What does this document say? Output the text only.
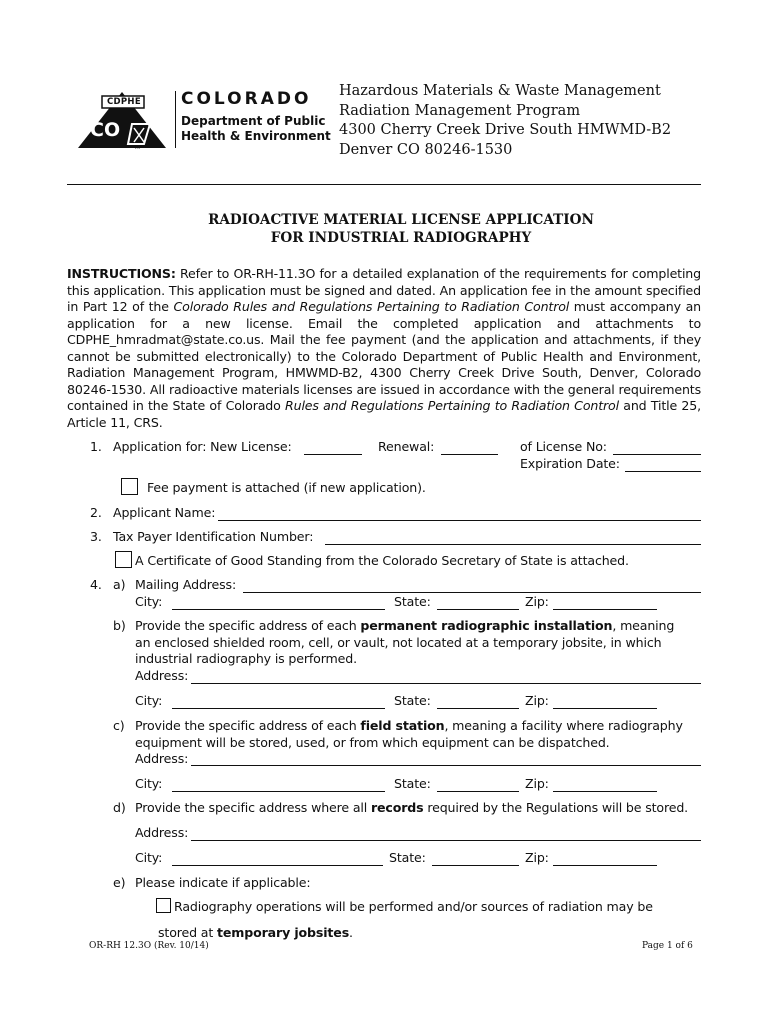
CDPHE
CO
TM
COLORADO
Department of Public
Health & Environment
Hazardous Materials & Waste Management
Radiation Management Program
4300 Cherry Creek Drive South HMWMD-B2
Denver CO 80246-1530
RADIOACTIVE MATERIAL LICENSE APPLICATION
FOR INDUSTRIAL RADIOGRAPHY
INSTRUCTIONS: Refer to OR-RH-11.3O for a detailed explanation of the requirements for completing this application. This application must be signed and dated. An application fee in the amount specified in Part 12 of the Colorado Rules and Regulations Pertaining to Radiation Control must accompany an application for a new license. Email the completed application and attachments to CDPHE_hmradmat@state.co.us. Mail the fee payment (and the application and attachments, if they cannot be submitted electronically) to the Colorado Department of Public Health and Environment, Radiation Management Program, HMWMD-B2, 4300 Cherry Creek Drive South, Denver, Colorado 80246-1530. All radioactive materials licenses are issued in accordance with the general requirements contained in the State of Colorado Rules and Regulations Pertaining to Radiation Control and Title 25, Article 11, CRS.
1. Application for: New License:	Renewal:	of License No:
Expiration Date:
Fee payment is attached (if new application).
2. Applicant Name:
3. Tax Payer Identification Number:
A Certificate of Good Standing from the Colorado Secretary of State is attached.
4. a) Mailing Address:
City:	State:	Zip:
b) Provide the specific address of each permanent radiographic installation, meaning an enclosed shielded room, cell, or vault, not located at a temporary jobsite, in which industrial radiography is performed.
Address:
City:	State:	Zip:
c) Provide the specific address of each field station, meaning a facility where radiography equipment will be stored, used, or from which equipment can be dispatched.
Address:
City:	State:	Zip:
d) Provide the specific address where all records required by the Regulations will be stored.
Address:
City:	State:	Zip:
e) Please indicate if applicable:
Radiography operations will be performed and/or sources of radiation may be
stored at temporary jobsites.
OR-RH 12.3O (Rev. 10/14)	Page 1 of 6
